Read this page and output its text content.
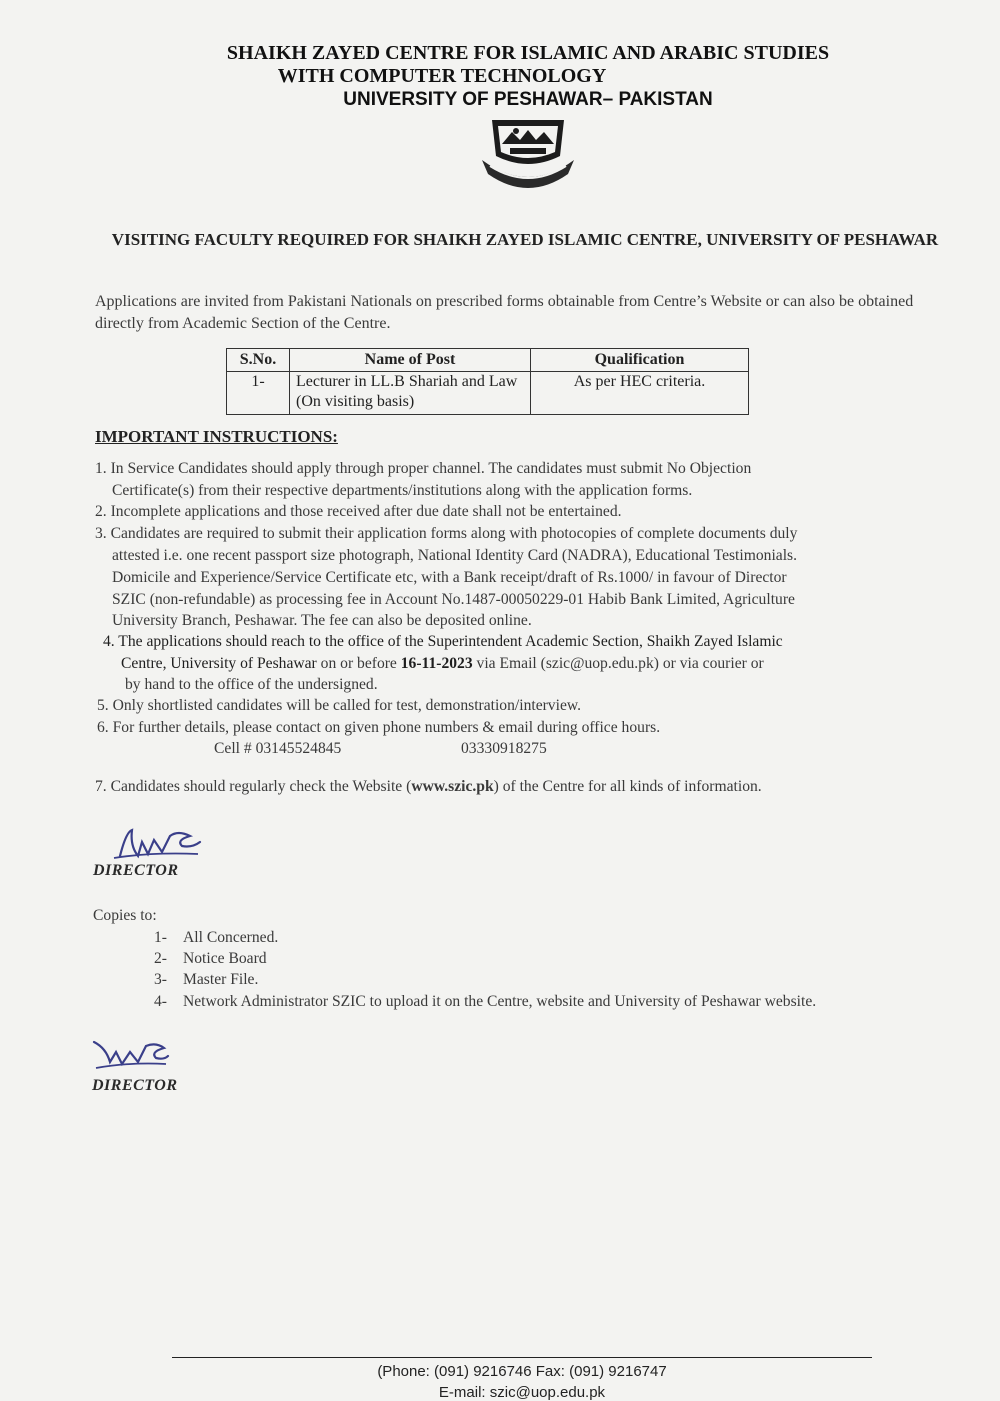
SHAIKH ZAYED CENTRE FOR ISLAMIC AND ARABIC STUDIES
WITH COMPUTER TECHNOLOGY
UNIVERSITY OF PESHAWAR– PAKISTAN
VISITING FACULTY REQUIRED FOR SHAIKH ZAYED ISLAMIC CENTRE, UNIVERSITY OF PESHAWAR
Applications are invited from Pakistani Nationals on prescribed forms obtainable from Centre’s Website or can also be obtained directly from Academic Section of the Centre.
S.No.	Name of Post	Qualification
1-	Lecturer in LL.B Shariah and Law (On visiting basis)	As per HEC criteria.
IMPORTANT INSTRUCTIONS:
1. In Service Candidates should apply through proper channel. The candidates must submit No Objection
Certificate(s) from their respective departments/institutions along with the application forms.
2. Incomplete applications and those received after due date shall not be entertained.
3. Candidates are required to submit their application forms along with photocopies of complete documents duly
attested i.e. one recent passport size photograph, National Identity Card (NADRA), Educational Testimonials.
Domicile and Experience/Service Certificate etc, with a Bank receipt/draft of Rs.1000/ in favour of Director
SZIC (non-refundable) as processing fee in Account No.1487-00050229-01 Habib Bank Limited, Agriculture
University Branch, Peshawar. The fee can also be deposited online.
4. The applications should reach to the office of the Superintendent Academic Section, Shaikh Zayed Islamic
Centre, University of Peshawar on or before 16-11-2023 via Email (szic@uop.edu.pk) or via courier or
by hand to the office of the undersigned.
5. Only shortlisted candidates will be called for test, demonstration/interview.
6. For further details, please contact on given phone numbers & email during office hours.
Cell # 03145524845	03330918275
7. Candidates should regularly check the Website (www.szic.pk) of the Centre for all kinds of information.
DIRECTOR
Copies to:
1- All Concerned.
2- Notice Board
3- Master File.
4- Network Administrator SZIC to upload it on the Centre, website and University of Peshawar website.
DIRECTOR
(Phone: (091) 9216746 Fax: (091) 9216747
E-mail: szic@uop.edu.pk
